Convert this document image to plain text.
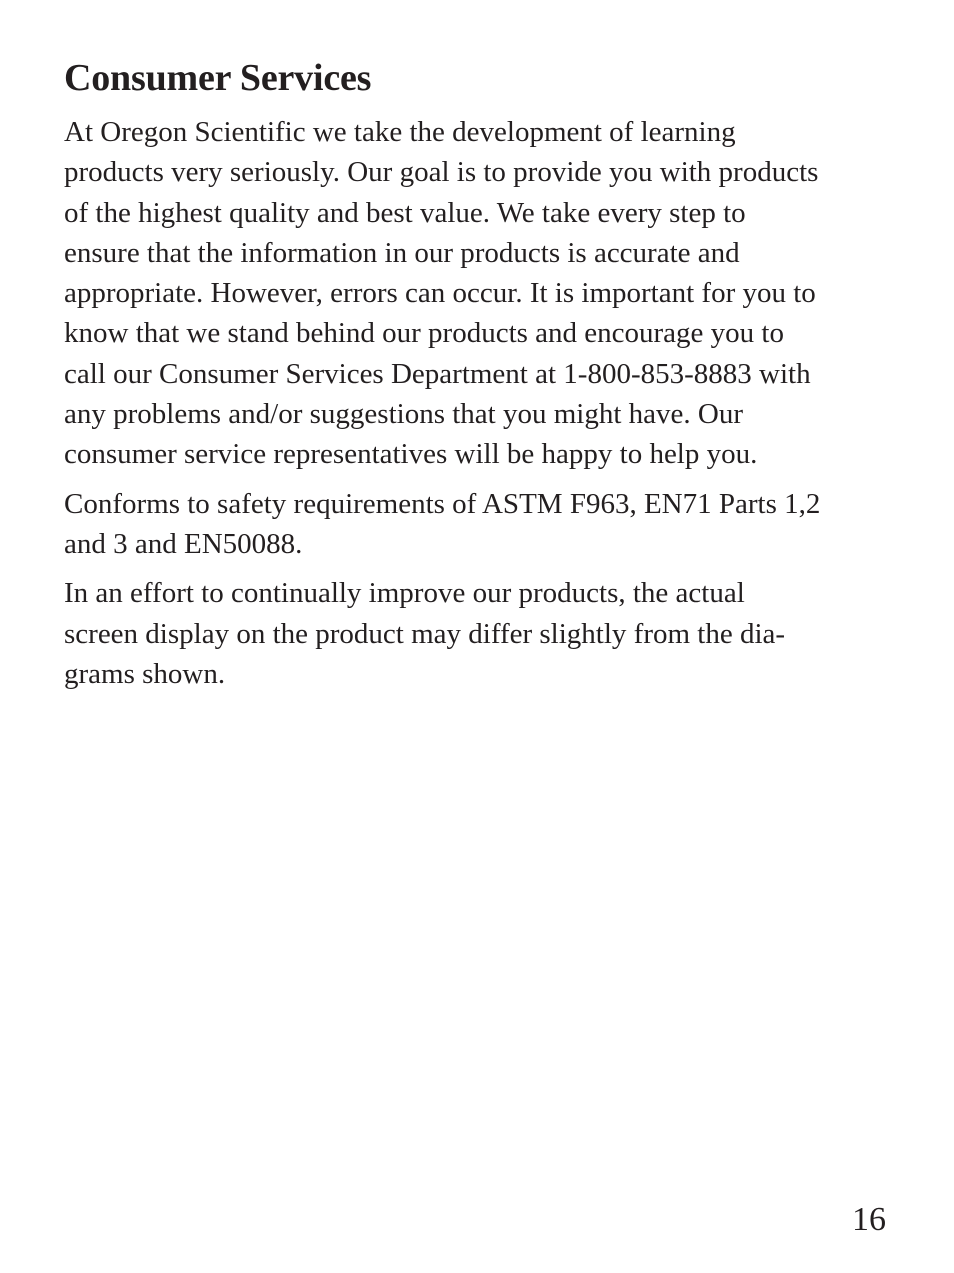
Consumer Services

At Oregon Scientific we take the development of learning
products very seriously. Our goal is to provide you with products
of the highest quality and best value. We take every step to
ensure that the information in our products is accurate and
appropriate. However, errors can occur. It is important for you to
know that we stand behind our products and encourage you to
call our Consumer Services Department at 1-800-853-8883 with
any problems and/or suggestions that you might have. Our
consumer service representatives will be happy to help you.

Conforms to safety requirements of ASTM F963, EN71 Parts 1,2
and 3 and EN50088.

In an effort to continually improve our products, the actual
screen display on the product may differ slightly from the dia-
grams shown.

16
